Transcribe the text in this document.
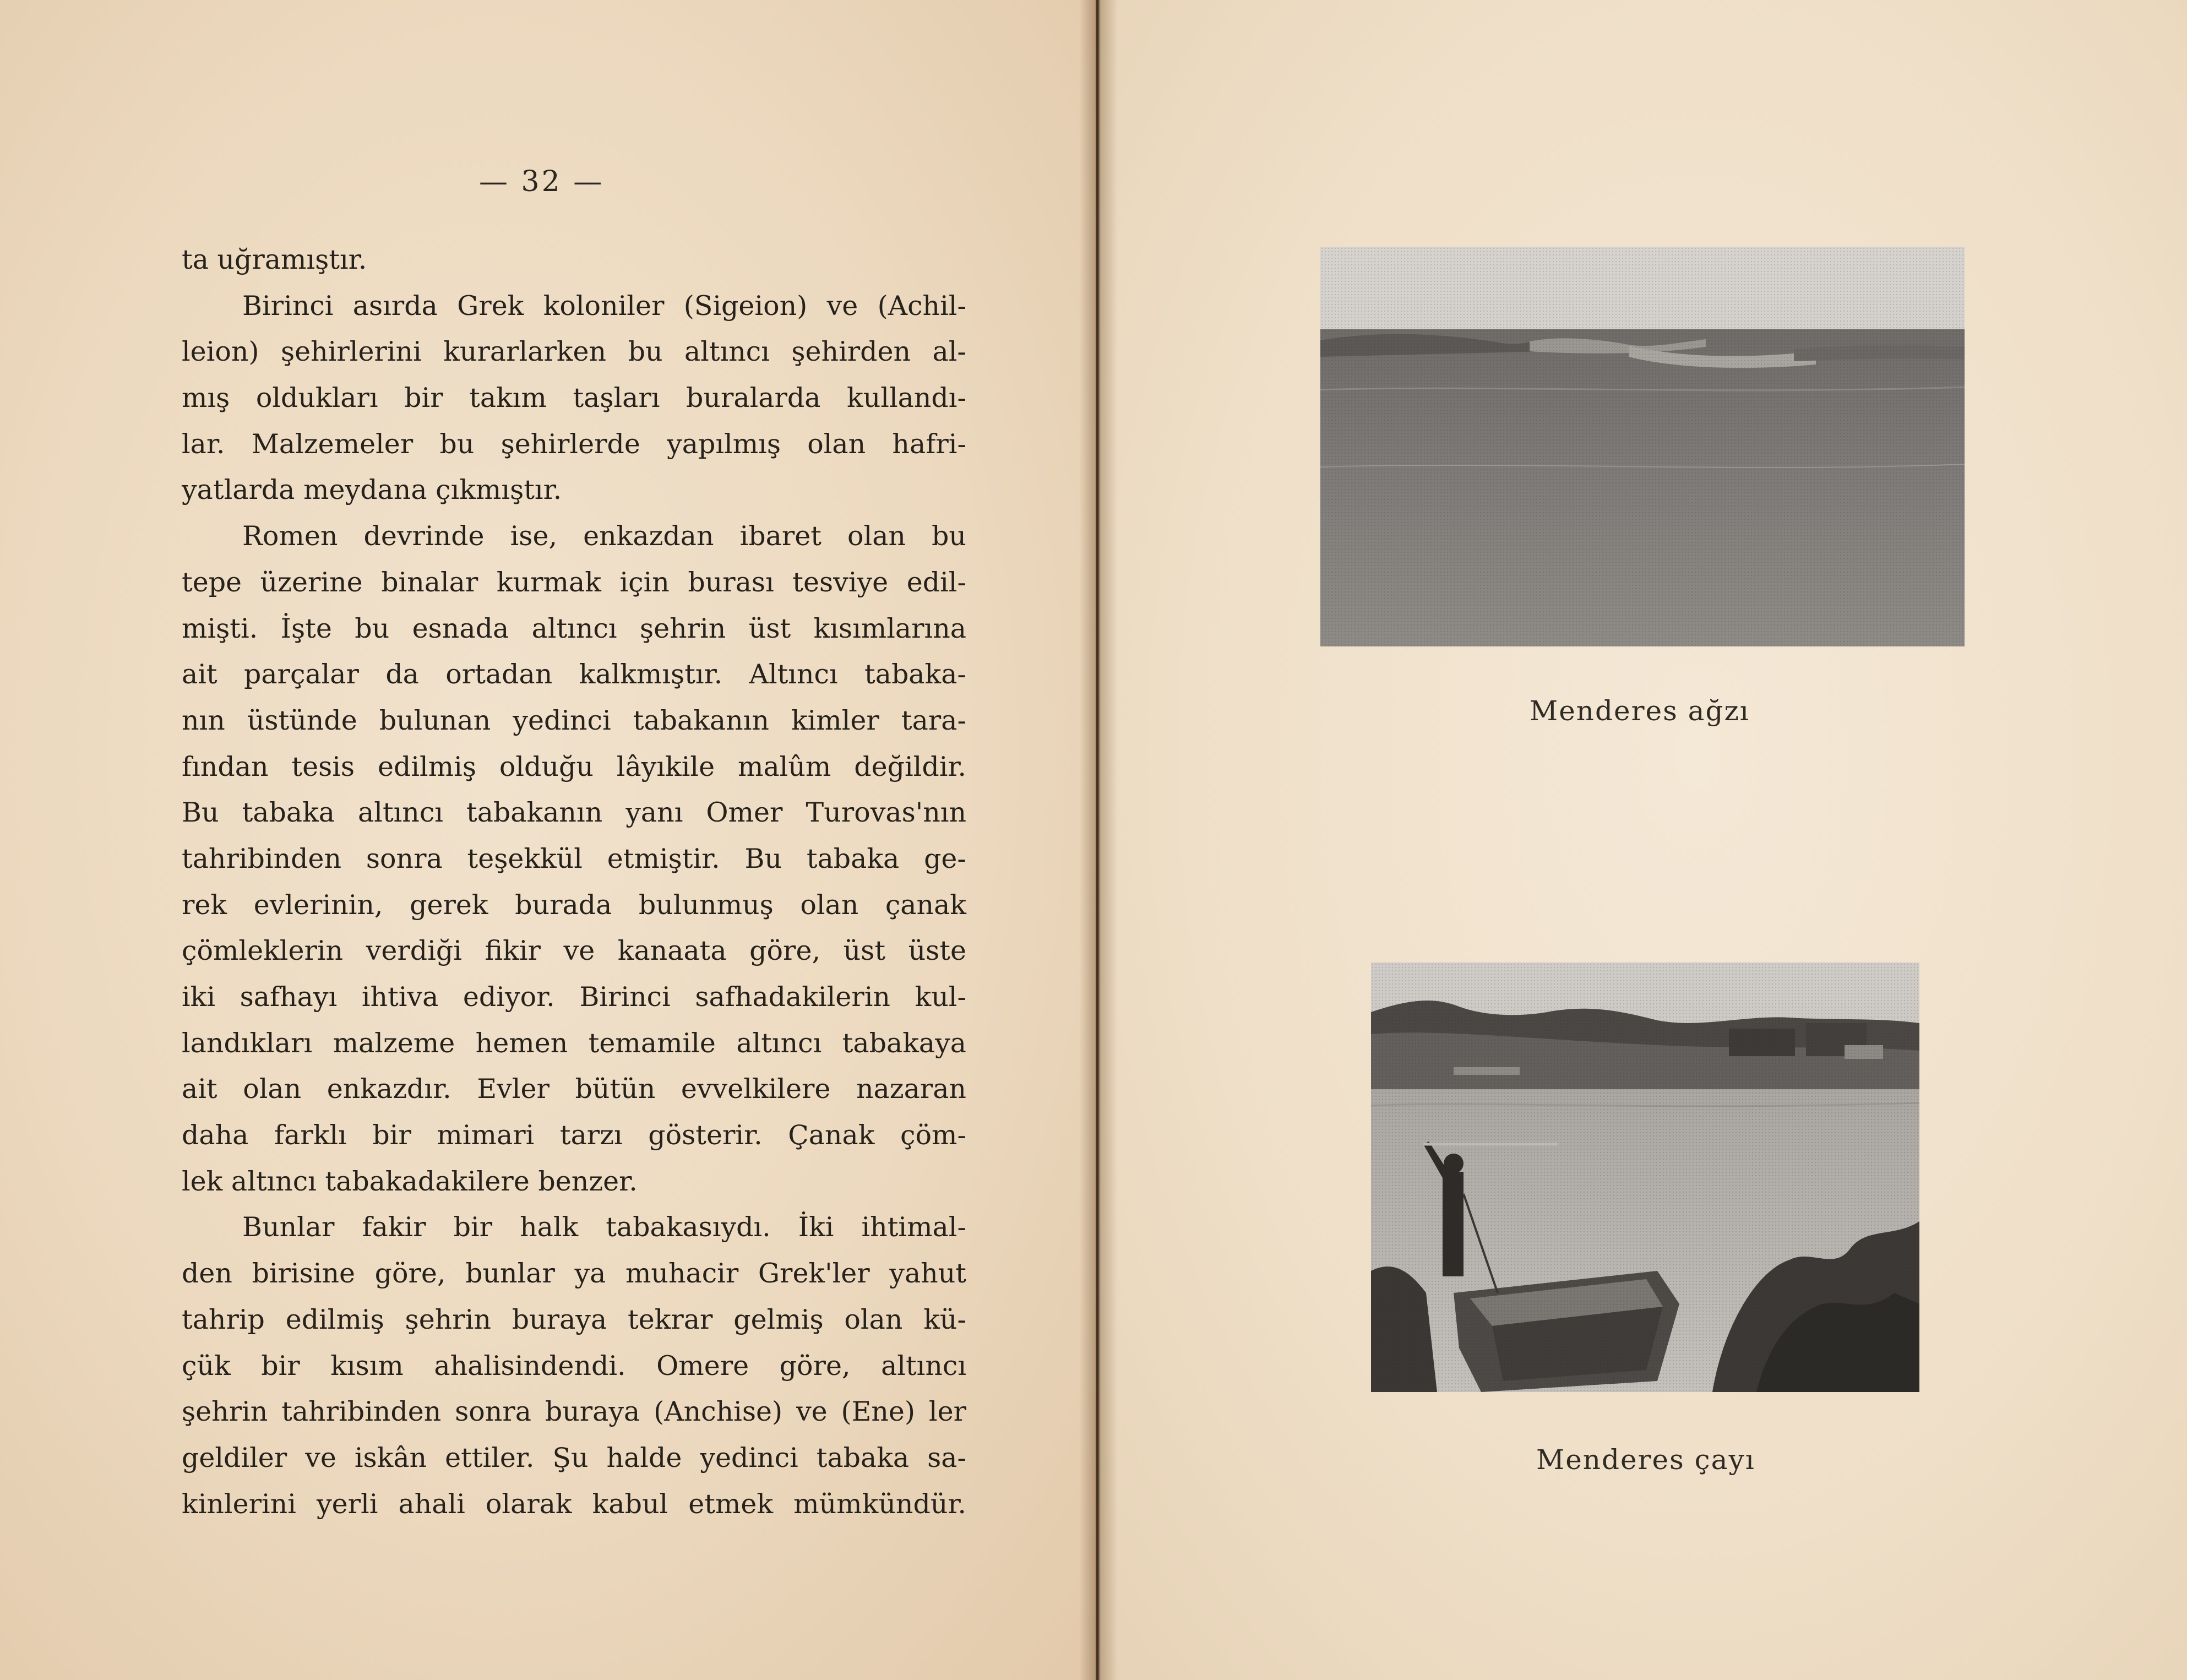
— 32 —
ta uğramıştır.
Birinci asırda Grek koloniler (Sigeion) ve (Achil-
leion) şehirlerini kurarlarken bu altıncı şehirden al-
mış oldukları bir takım taşları buralarda kullandı-
lar. Malzemeler bu şehirlerde yapılmış olan hafri-
yatlarda meydana çıkmıştır.
Romen devrinde ise, enkazdan ibaret olan bu
tepe üzerine binalar kurmak için burası tesviye edil-
mişti. İşte bu esnada altıncı şehrin üst kısımlarına
ait parçalar da ortadan kalkmıştır. Altıncı tabaka-
nın üstünde bulunan yedinci tabakanın kimler tara-
fından tesis edilmiş olduğu lâyıkile malûm değildir.
Bu tabaka altıncı tabakanın yanı Omer Turovas'nın
tahribinden sonra teşekkül etmiştir. Bu tabaka ge-
rek evlerinin, gerek burada bulunmuş olan çanak
çömleklerin verdiği fikir ve kanaata göre, üst üste
iki safhayı ihtiva ediyor. Birinci safhadakilerin kul-
landıkları malzeme hemen temamile altıncı tabakaya
ait olan enkazdır. Evler bütün evvelkilere nazaran
daha farklı bir mimari tarzı gösterir. Çanak çöm-
lek altıncı tabakadakilere benzer.
Bunlar fakir bir halk tabakasıydı. İki ihtimal-
den birisine göre, bunlar ya muhacir Grek'ler yahut
tahrip edilmiş şehrin buraya tekrar gelmiş olan kü-
çük bir kısım ahalisindendi. Omere göre, altıncı
şehrin tahribinden sonra buraya (Anchise) ve (Ene) ler
geldiler ve iskân ettiler. Şu halde yedinci tabaka sa-
kinlerini yerli ahali olarak kabul etmek mümkündür.
Menderes ağzı
Menderes çayı
